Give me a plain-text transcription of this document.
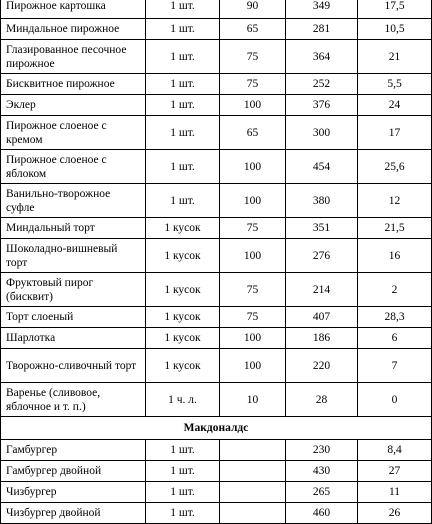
Пирожное картошка	1 шт.	90	349	17,5
Миндальное пирожное	1 шт.	65	281	10,5
Глазированное песочное пирожное	1 шт.	75	364	21
Бисквитное пирожное	1 шт.	75	252	5,5
Эклер	1 шт.	100	376	24
Пирожное слоеное с кремом	1 шт.	65	300	17
Пирожное слоеное с яблоком	1 шт.	100	454	25,6
Ванильно-творожное суфле	1 шт.	100	380	12
Миндальный торт	1 кусок	75	351	21,5
Шоколадно-вишневый торт	1 кусок	100	276	16
Фруктовый пирог (бисквит)	1 кусок	75	214	2
Торт слоеный	1 кусок	75	407	28,3
Шарлотка	1 кусок	100	186	6
Творожно-сливочный торт	1 кусок	100	220	7
Варенье (сливовое, яблочное и т. п.)	1 ч. л.	10	28	0
Макдоналдс				
Гамбургер	1 шт.		230	8,4
Гамбургер двойной	1 шт.		430	27
Чизбургер	1 шт.		265	11
Чизбургер двойной	1 шт.		460	26
